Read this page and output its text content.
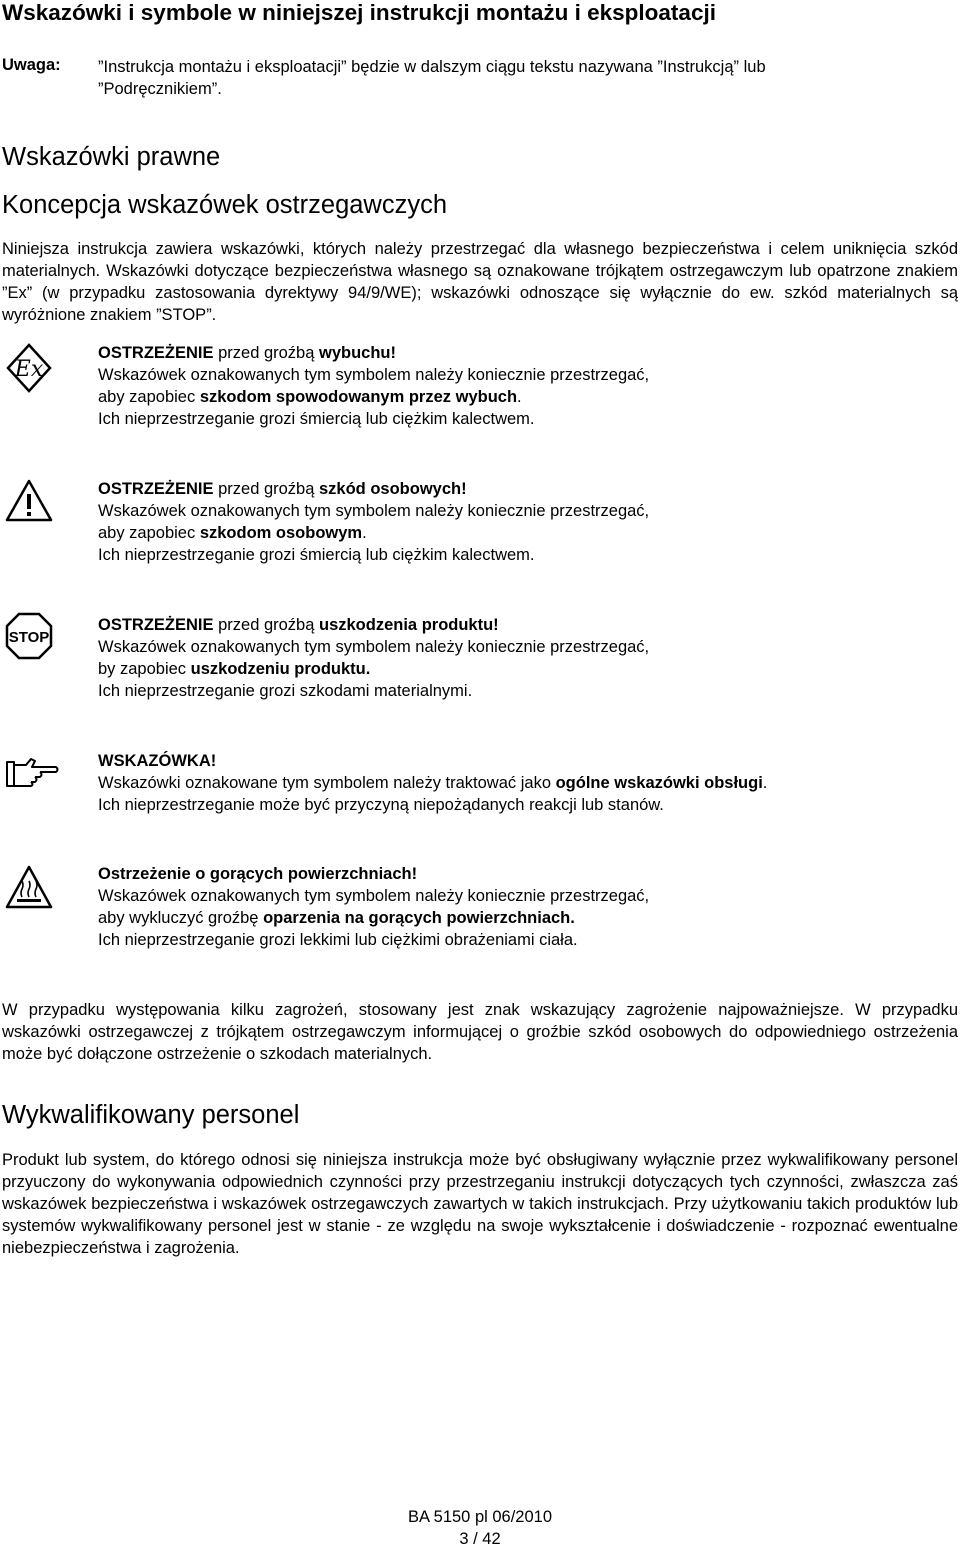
Wskazówki i symbole w niniejszej instrukcji montażu i eksploatacji
Uwaga: ”Instrukcja montażu i eksploatacji” będzie w dalszym ciągu tekstu nazywana ”Instrukcją” lub ”Podręcznikiem”.
Wskazówki prawne
Koncepcja wskazówek ostrzegawczych
Niniejsza instrukcja zawiera wskazówki, których należy przestrzegać dla własnego bezpieczeństwa i celem uniknięcia szkód materialnych. Wskazówki dotyczące bezpieczeństwa własnego są oznakowane trójkątem ostrzegawczym lub opatrzone znakiem ”Ex” (w przypadku zastosowania dyrektywy 94/9/WE); wskazówki odnoszące się wyłącznie do ew. szkód materialnych są wyróżnione znakiem ”STOP”.
Ex

OSTRZEŻENIE przed groźbą wybuchu!

Wskazówek oznakowanych tym symbolem należy koniecznie przestrzegać,

aby zapobiec szkodom spowodowanym przez wybuch.

Ich nieprzestrzeganie grozi śmiercią lub ciężkim kalectwem.

OSTRZEŻENIE przed groźbą szkód osobowych!

Wskazówek oznakowanych tym symbolem należy koniecznie przestrzegać,

aby zapobiec szkodom osobowym.

Ich nieprzestrzeganie grozi śmiercią lub ciężkim kalectwem.

STOP

OSTRZEŻENIE przed groźbą uszkodzenia produktu!

Wskazówek oznakowanych tym symbolem należy koniecznie przestrzegać,

by zapobiec uszkodzeniu produktu.

Ich nieprzestrzeganie grozi szkodami materialnymi.

WSKAZÓWKA!

Wskazówki oznakowane tym symbolem należy traktować jako ogólne wskazówki obsługi.

Ich nieprzestrzeganie może być przyczyną niepożądanych reakcji lub stanów.

Ostrzeżenie o gorących powierzchniach!

Wskazówek oznakowanych tym symbolem należy koniecznie przestrzegać,

aby wykluczyć groźbę oparzenia na gorących powierzchniach.

Ich nieprzestrzeganie grozi lekkimi lub ciężkimi obrażeniami ciała.

W przypadku występowania kilku zagrożeń, stosowany jest znak wskazujący zagrożenie najpoważniejsze. W przypadku wskazówki ostrzegawczej z trójkątem ostrzegawczym informującej o groźbie szkód osobowych do odpowiedniego ostrzeżenia może być dołączone ostrzeżenie o szkodach materialnych.
Wykwalifikowany personel
Produkt lub system, do którego odnosi się niniejsza instrukcja może być obsługiwany wyłącznie przez wykwalifikowany personel przyuczony do wykonywania odpowiednich czynności przy przestrzeganiu instrukcji dotyczących tych czynności, zwłaszcza zaś wskazówek bezpieczeństwa i wskazówek ostrzegawczych zawartych w takich instrukcjach. Przy użytkowaniu takich produktów lub systemów wykwalifikowany personel jest w stanie - ze względu na swoje wykształcenie i doświadczenie - rozpoznać ewentualne niebezpieczeństwa i zagrożenia.
BA 5150 pl 06/2010
3 / 42
